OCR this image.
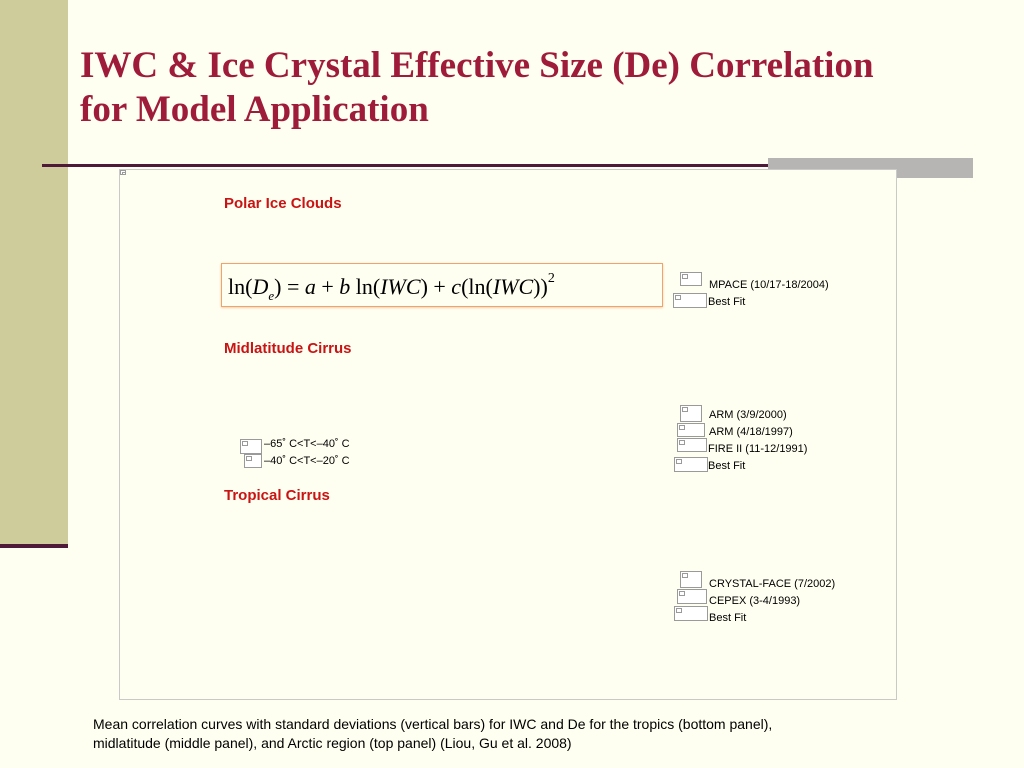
IWC & Ice Crystal Effective Size (De) Correlation
for Model Application
Polar Ice Clouds
Midlatitude Cirrus
Tropical Cirrus
$\ln(D_e) = a + b$ $\ln(IWC) + c(\ln(IWC))^2$	MPACE (10/17-18/2004)
Best Fit
–65˚ C<T<–40˚ C
–40˚ C<T<–20˚ C
ARM (3/9/2000)
ARM (4/18/1997)
FIRE II (11-12/1991)
Best Fit
CRYSTAL-FACE (7/2002)
CEPEX (3-4/1993)
Best Fit
Mean correlation curves with standard deviations (vertical bars) for IWC and De for the tropics (bottom panel),
midlatitude (middle panel), and Arctic region (top panel) (Liou, Gu et al. 2008)
